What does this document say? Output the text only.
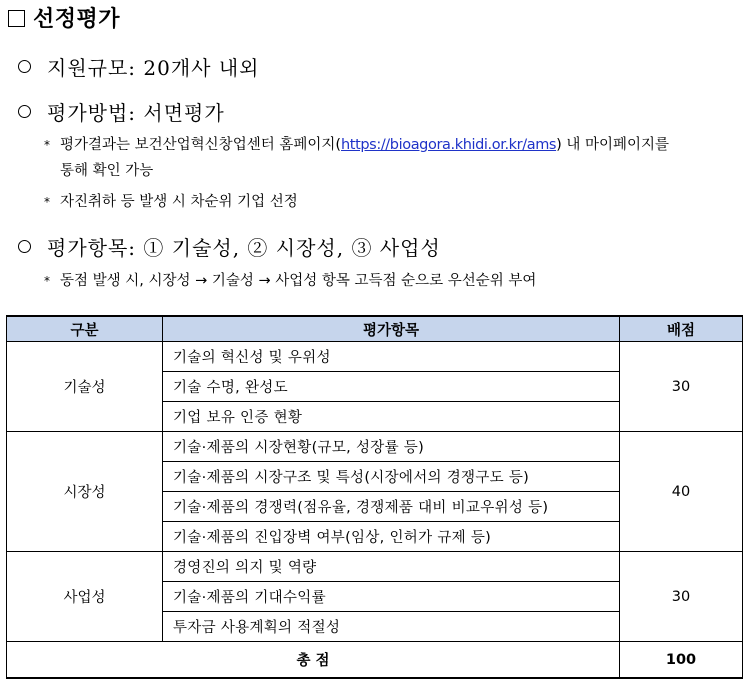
선정평가
지원규모: 20개사 내외
평가방법: 서면평가
* 평가결과는 보건산업혁신창업센터 홈페이지(https://bioagora.khidi.or.kr/ams) 내 마이페이지를
통해 확인 가능
* 자진취하 등 발생 시 차순위 기업 선정
평가항목: ① 기술성, ② 시장성, ③ 사업성
* 동점 발생 시, 시장성 → 기술성 → 사업성 항목 고득점 순으로 우선순위 부여
구분	평가항목	배점
기술성	기술의 혁신성 및 우위성	30
	기술 수명, 완성도	
	기업 보유 인증 현황	
시장성	기술·제품의 시장현황(규모, 성장률 등)	40
	기술·제품의 시장구조 및 특성(시장에서의 경쟁구도 등)	
	기술·제품의 경쟁력(점유율, 경쟁제품 대비 비교우위성 등)	
	기술·제품의 진입장벽 여부(임상, 인허가 규제 등)	
사업성	경영진의 의지 및 역량	30
	기술·제품의 기대수익률	
	투자금 사용계획의 적절성	
총 점		100
